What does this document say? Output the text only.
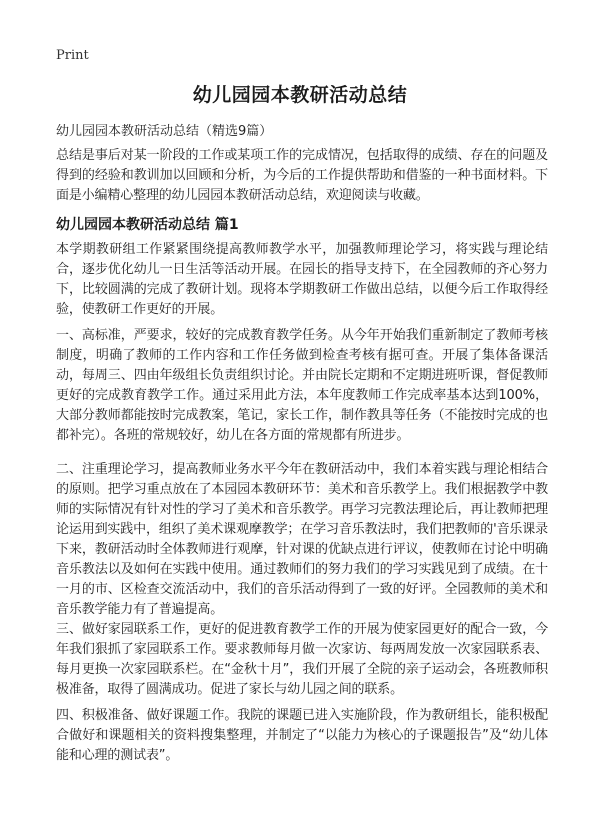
Print
幼儿园园本教研活动总结
幼儿园园本教研活动总结（精选9篇）

总结是事后对某一阶段的工作或某项工作的完成情况，包括取得的成绩、存在的问题及得到的经验和教训加以回顾和分析，为今后的工作提供帮助和借鉴的一种书面材料。下面是小编精心整理的幼儿园园本教研活动总结，欢迎阅读与收藏。

幼儿园园本教研活动总结 篇1

本学期教研组工作紧紧围绕提高教师教学水平，加强教师理论学习，将实践与理论结合，逐步优化幼儿一日生活等活动开展。在园长的指导支持下，在全园教师的齐心努力下，比较圆满的完成了教研计划。现将本学期教研工作做出总结，以便今后工作取得经验，使教研工作更好的开展。

一、高标准，严要求，较好的完成教育教学任务。从今年开始我们重新制定了教师考核制度，明确了教师的工作内容和工作任务做到检查考核有据可查。开展了集体备课活动，每周三、四由年级组长负责组织讨论。并由院长定期和不定期进班听课，督促教师更好的完成教育教学工作。通过采用此方法，本年度教师工作完成率基本达到100%，大部分教师都能按时完成教案，笔记，家长工作，制作教具等任务（不能按时完成的也都补完）。各班的常规较好，幼儿在各方面的常规都有所进步。

二、注重理论学习，提高教师业务水平今年在教研活动中，我们本着实践与理论相结合的原则。把学习重点放在了本园园本教研环节：美术和音乐教学上。我们根据教学中教师的实际情况有针对性的学习了美术和音乐教学。再学习完教法理论后，再让教师把理论运用到实践中，组织了美术课观摩教学；在学习音乐教法时，我们把教师的'音乐课录下来，教研活动时全体教师进行观摩，针对课的优缺点进行评议，使教师在讨论中明确音乐教法以及如何在实践中使用。通过教师们的努力我们的学习实践见到了成绩。在十一月的市、区检查交流活动中，我们的音乐活动得到了一致的好评。全园教师的美术和音乐教学能力有了普遍提高。

三、做好家园联系工作，更好的促进教育教学工作的开展为使家园更好的配合一致，今年我们狠抓了家园联系工作。要求教师每月做一次家访、每两周发放一次家园联系表、每月更换一次家园联系栏。在“金秋十月”，我们开展了全院的亲子运动会，各班教师积极准备，取得了圆满成功。促进了家长与幼儿园之间的联系。

四、积极准备、做好课题工作。我院的课题已进入实施阶段，作为教研组长，能积极配合做好和课题相关的资料搜集整理，并制定了“以能力为核心的子课题报告”及“幼儿体能和心理的测试表”。
